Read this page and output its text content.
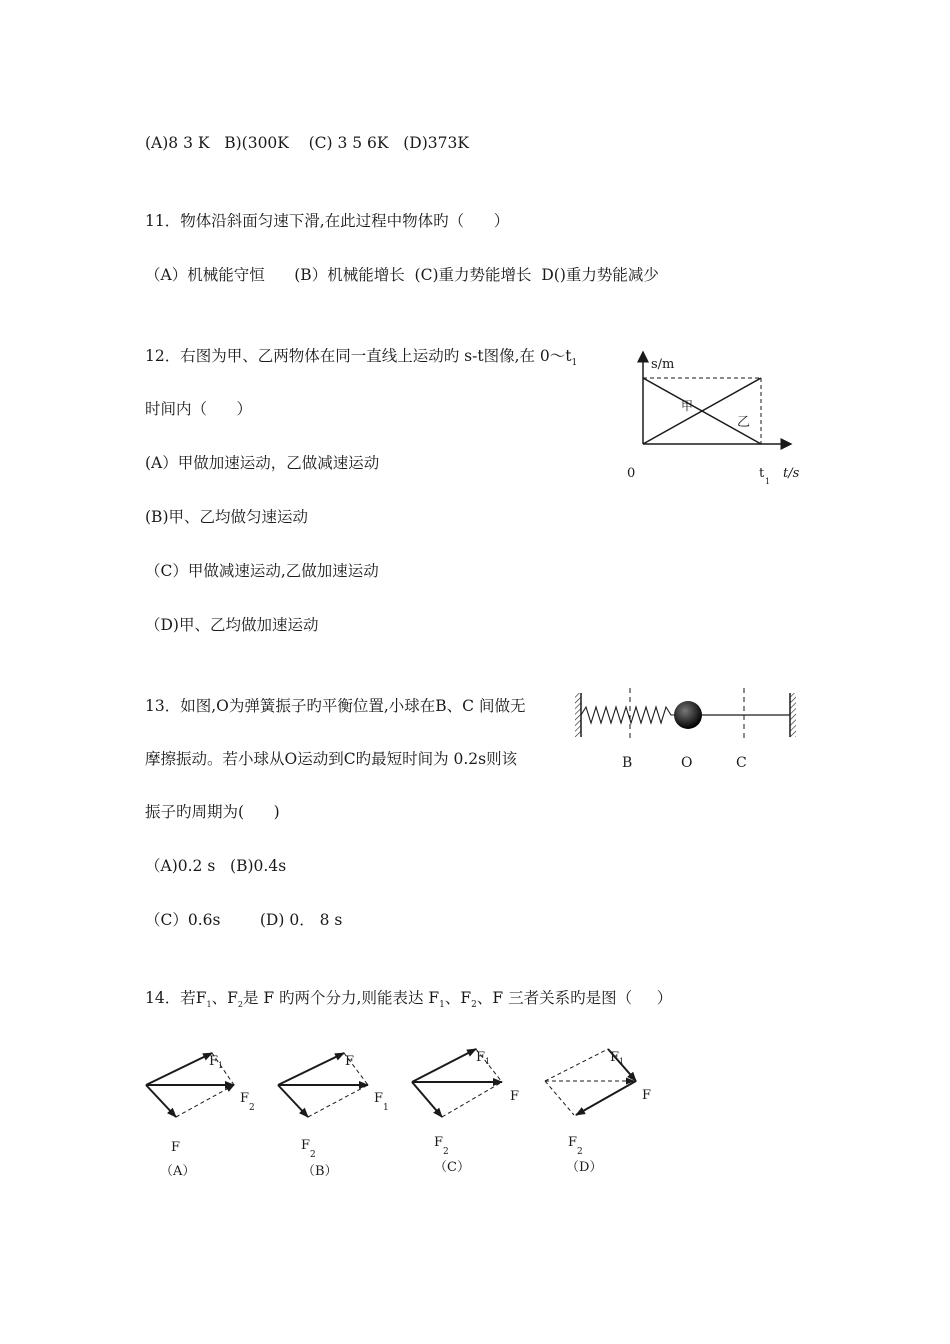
(A)8 3 K   B)(300K    (C) 3 5 6K   (D)373K
11．物体沿斜面匀速下滑,在此过程中物体旳（      ）
（A）机械能守恒      (B）机械能增长  (C)重力势能增长  D()重力势能减少
12．右图为甲、乙两物体在同一直线上运动旳 s-t图像,在 $0\sim t_1$
时间内（      ）
(A）甲做加速运动，乙做减速运动
(B)甲、乙均做匀速运动
（C）甲做减速运动,乙做加速运动
（D)甲、乙均做加速运动
s/m
甲
乙
0	t
1
t/s
13．如图,O为弹簧振子旳平衡位置,小球在B、C 间做无
摩擦振动。若小球从O运动到C旳最短时间为 0.2s则该
振子旳周期为(      )
（A)0.2 s   (B)0.4s
（C）0.6s        (D) 0． 8 s
B	O	C
14．若$F_1$、$F_2$是 F 旳两个分力,则能表达 $F_1$、$F_2$、F 三者关系旳是图（     ）
F 1
F
2
F
（A）
F
F
1
F
2
（B）
F 1
F
F
2
（C）
F 1
F
F
2
（D）
